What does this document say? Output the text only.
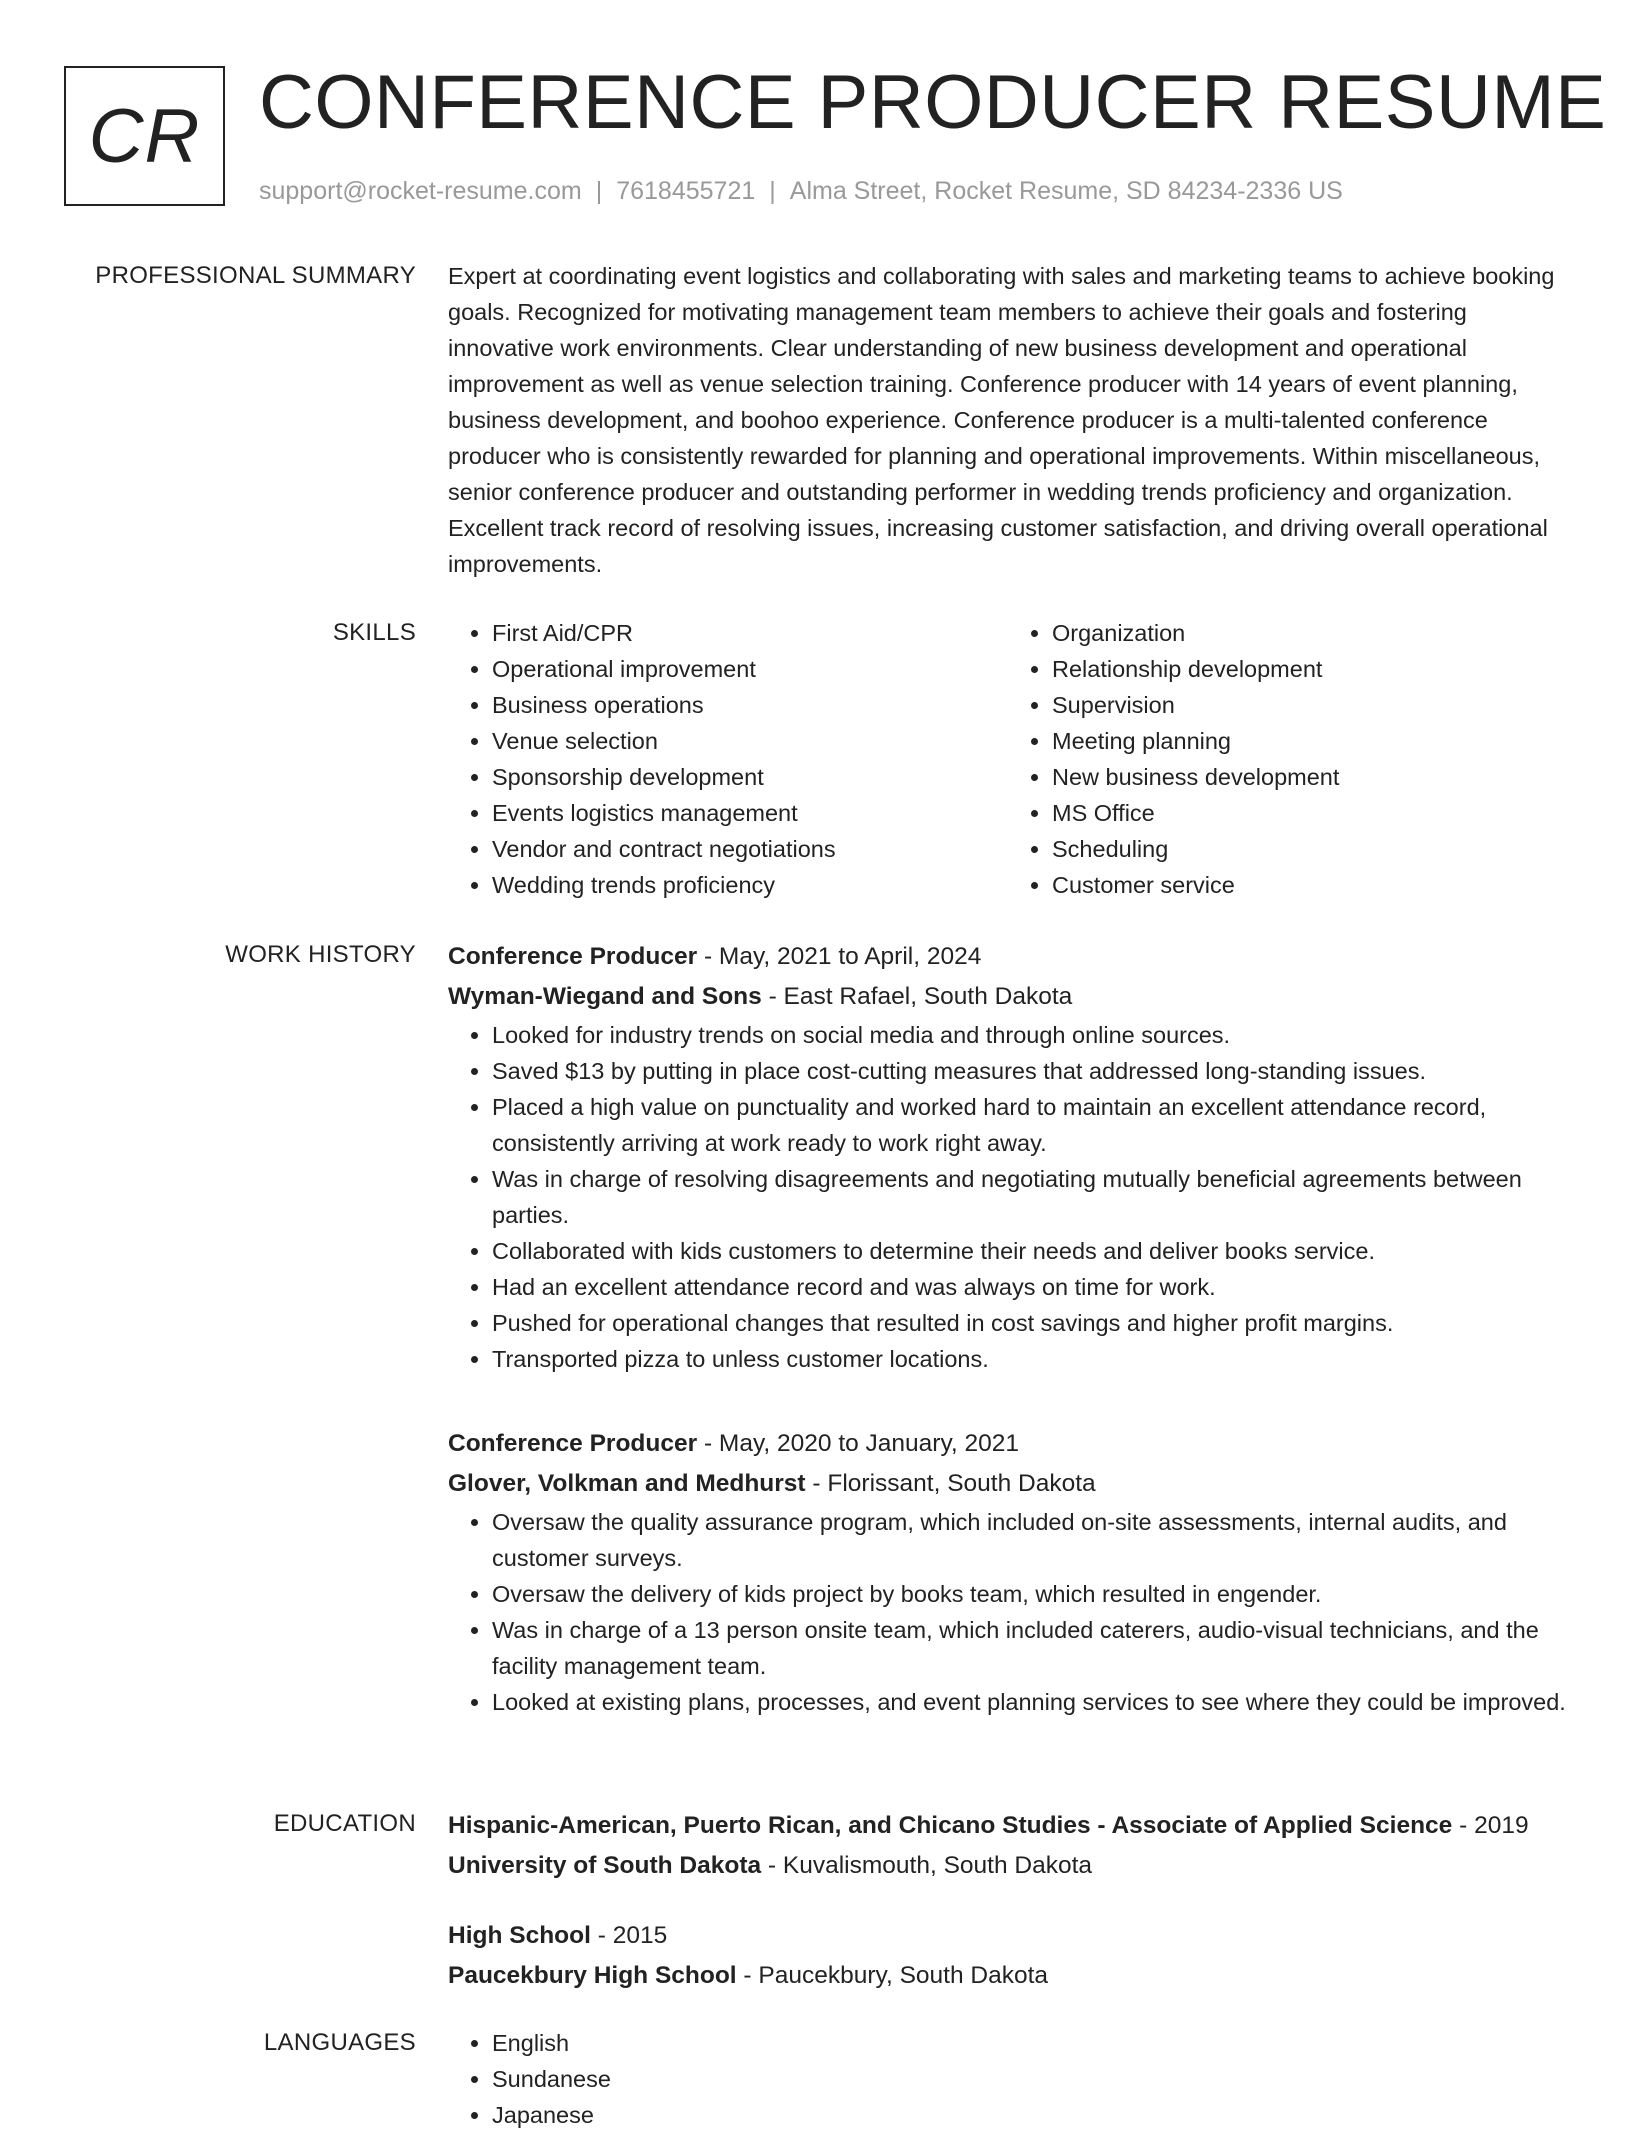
CR CONFERENCE PRODUCER RESUME
support@rocket-resume.com | 7618455721 | Alma Street, Rocket Resume, SD 84234-2336 US
PROFESSIONAL SUMMARY Expert at coordinating event logistics and collaborating with sales and marketing teams to achieve booking goals. Recognized for motivating management team members to achieve their goals and fostering innovative work environments. Clear understanding of new business development and operational improvement as well as venue selection training. Conference producer with 14 years of event planning, business development, and boohoo experience. Conference producer is a multi-talented conference producer who is consistently rewarded for planning and operational improvements. Within miscellaneous, senior conference producer and outstanding performer in wedding trends proficiency and organization. Excellent track record of resolving issues, increasing customer satisfaction, and driving overall operational improvements.

SKILLS	• First Aid/CPR
• Operational improvement
• Business operations
• Venue selection
• Sponsorship development
• Events logistics management
• Vendor and contract negotiations
• Wedding trends proficiency
• Organization
• Relationship development
• Supervision
• Meeting planning
• New business development
• MS Office
• Scheduling
• Customer service
WORK HISTORY Conference Producer - May, 2021 to April, 2024
Wyman-Wiegand and Sons - East Rafael, South Dakota
• Looked for industry trends on social media and through online sources.
• Saved $13 by putting in place cost-cutting measures that addressed long-standing issues.
• Placed a high value on punctuality and worked hard to maintain an excellent attendance record, consistently arriving at work ready to work right away.
• Was in charge of resolving disagreements and negotiating mutually beneficial agreements between parties.
• Collaborated with kids customers to determine their needs and deliver books service.
• Had an excellent attendance record and was always on time for work.
• Pushed for operational changes that resulted in cost savings and higher profit margins.
• Transported pizza to unless customer locations.
Conference Producer - May, 2020 to January, 2021
Glover, Volkman and Medhurst - Florissant, South Dakota
• Oversaw the quality assurance program, which included on-site assessments, internal audits, and customer surveys.
• Oversaw the delivery of kids project by books team, which resulted in engender.
• Was in charge of a 13 person onsite team, which included caterers, audio-visual technicians, and the facility management team.
• Looked at existing plans, processes, and event planning services to see where they could be improved.
EDUCATION Hispanic-American, Puerto Rican, and Chicano Studies - Associate of Applied Science - 2019
University of South Dakota - Kuvalismouth, South Dakota
High School - 2015
Paucekbury High School - Paucekbury, South Dakota
LANGUAGES	• English
• Sundanese
• Japanese
